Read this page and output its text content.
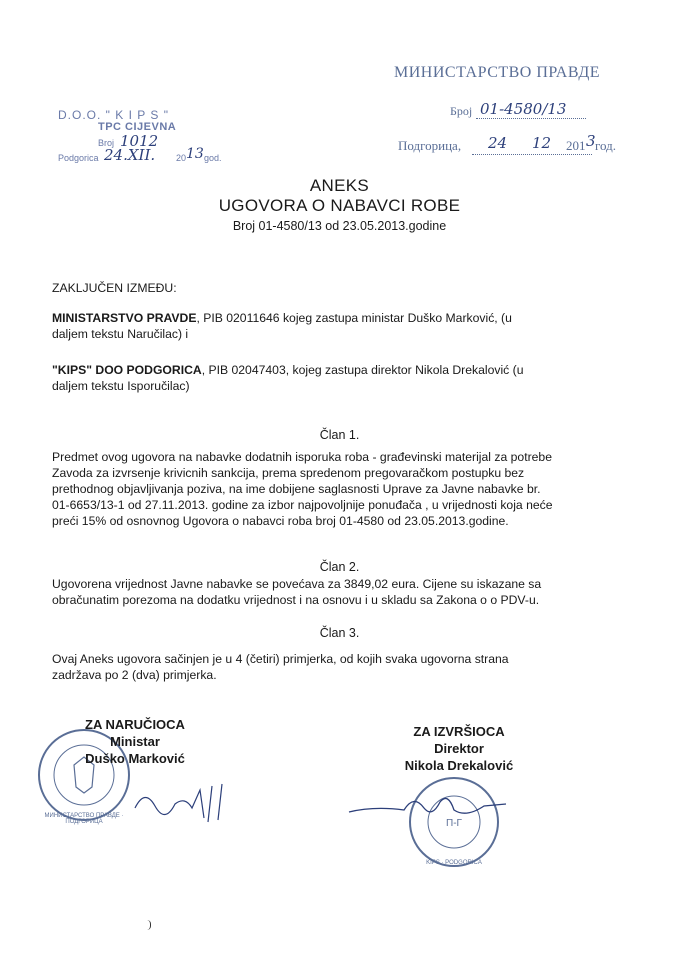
МИНИСТАРСТВО ПРАВДЕ
Број 01-4580/13
Подгорица, 24 12 201 3 год.
D.O.O. " K I P S "
TPC CIJEVNA
Broj 1012
Podgorica 24.XII. 20 13 god.
ANEKS
UGOVORA O NABAVCI ROBE
Broj 01-4580/13 od 23.05.2013.godine
ZAKLJUČEN IZMEĐU:
MINISTARSTVO PRAVDE, PIB 02011646 kojeg zastupa ministar Duško Marković, (u
daljem tekstu Naručilac) i
"KIPS" DOO PODGORICA, PIB 02047403, kojeg zastupa direktor Nikola Drekalović (u
daljem tekstu Isporučilac)
Član 1.
Predmet ovog ugovora na nabavke dodatnih isporuka roba - građevinski materijal za potrebe
Zavoda za izvrsenje krivicnih sankcija, prema spredenom pregovaračkom postupku bez
prethodnog objavljivanja poziva, na ime dobijene saglasnosti Uprave za Javne nabavke br.
01-6653/13-1 od 27.11.2013. godine za izbor najpovoljnije ponuđača , u vrijednosti koja neće
preći 15% od osnovnog Ugovora o nabavci roba broj 01-4580 od 23.05.2013.godine.
Član 2.
Ugovorena vrijednost Javne nabavke se povećava za 3849,02 eura. Cijene su iskazane sa
obračunatim porezoma na dodatku vrijednost i na osnovu i u skladu sa Zakona o o PDV-u.
Član 3.
Ovaj Aneks ugovora sačinjen je u 4 (četiri) primjerka, od kojih svaka ugovorna strana
zadržava po 2 (dva) primjerka.
МИНИСТАРСТВО ПРАВДЕ · ПОДГОРИЦА
ZA NARUČIOCA
Ministar
Duško Marković
ZA IZVRŠIOCA
Direktor
Nikola Drekalović
Π-Γ
KIPS · PODGORICA
